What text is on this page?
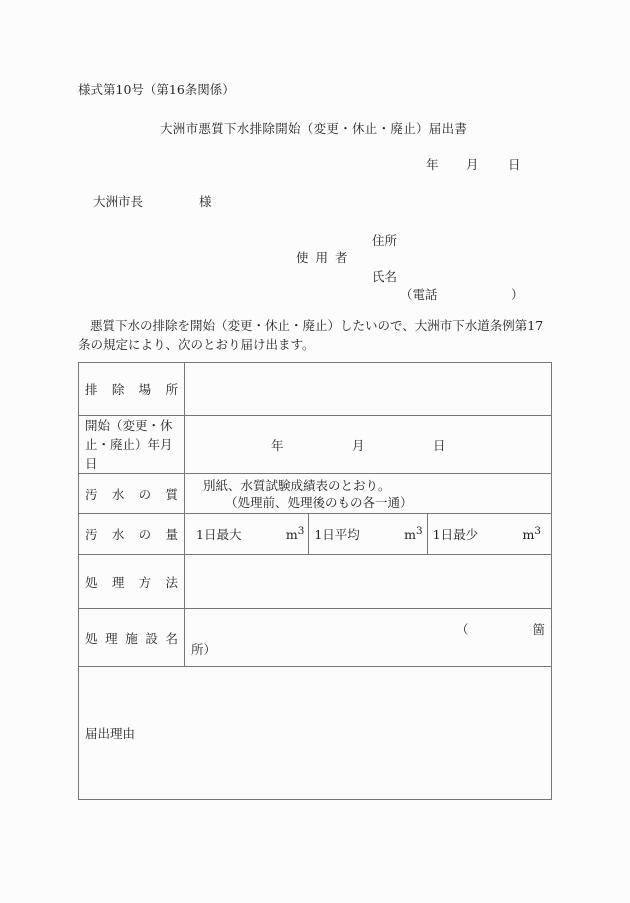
様式第10号（第16条関係）
大洲市悪質下水排除開始（変更・休止・廃止）届出書
年 月 日
大洲市長	様
住所
使用者
氏名
（電話	）
悪質下水の排除を開始（変更・休止・廃止）したいので、大洲市下水道条例第17条の規定により、次のとおり届け出ます。
排 除 場 所	

開始（変更・休止・廃止）年月日	年 月 日

汚 水 の 質

別紙、水質試験成績表のとおり。
（処理前、処理後のもの各一通）

汚 水 の 量	1日最大	$m^3$ 1日平均	$m^3$ 1日最少	$m^3$

処 理 方 法	

処 理 施 設 名

（	箇
所）

届出理由	
